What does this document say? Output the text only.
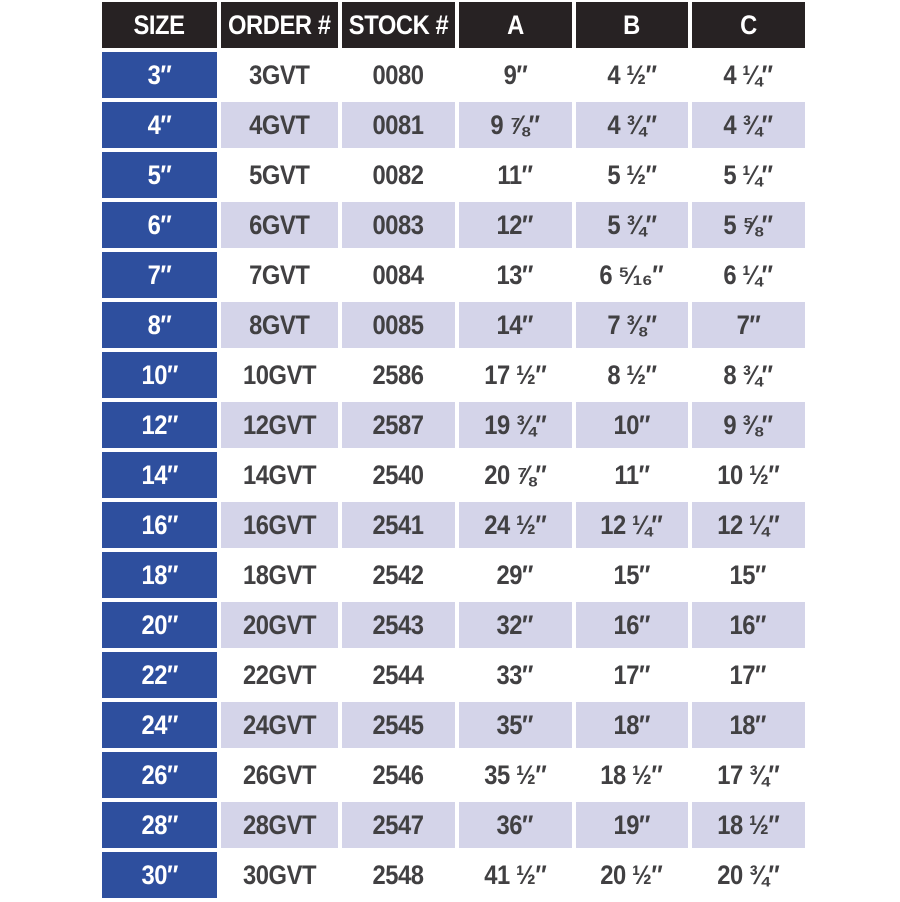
SIZE	ORDER #	STOCK #	A	B	C
3″	3GVT	0080	9″	4 ½″	4 ¼″
4″	4GVT	0081	9 ⅞″	4 ¾″	4 ¾″
5″	5GVT	0082	11″	5 ½″	5 ¼″
6″	6GVT	0083	12″	5 ¾″	5 ⅝″
7″	7GVT	0084	13″	6 ⁵⁄₁₆″	6 ¼″
8″	8GVT	0085	14″	7 ⅜″	7″
10″	10GVT	2586	17 ½″	8 ½″	8 ¾″
12″	12GVT	2587	19 ¾″	10″	9 ⅜″
14″	14GVT	2540	20 ⅞″	11″	10 ½″
16″	16GVT	2541	24 ½″	12 ¼″	12 ¼″
18″	18GVT	2542	29″	15″	15″
20″	20GVT	2543	32″	16″	16″
22″	22GVT	2544	33″	17″	17″
24″	24GVT	2545	35″	18″	18″
26″	26GVT	2546	35 ½″	18 ½″	17 ¾″
28″	28GVT	2547	36″	19″	18 ½″
30″	30GVT	2548	41 ½″	20 ½″	20 ¾″
